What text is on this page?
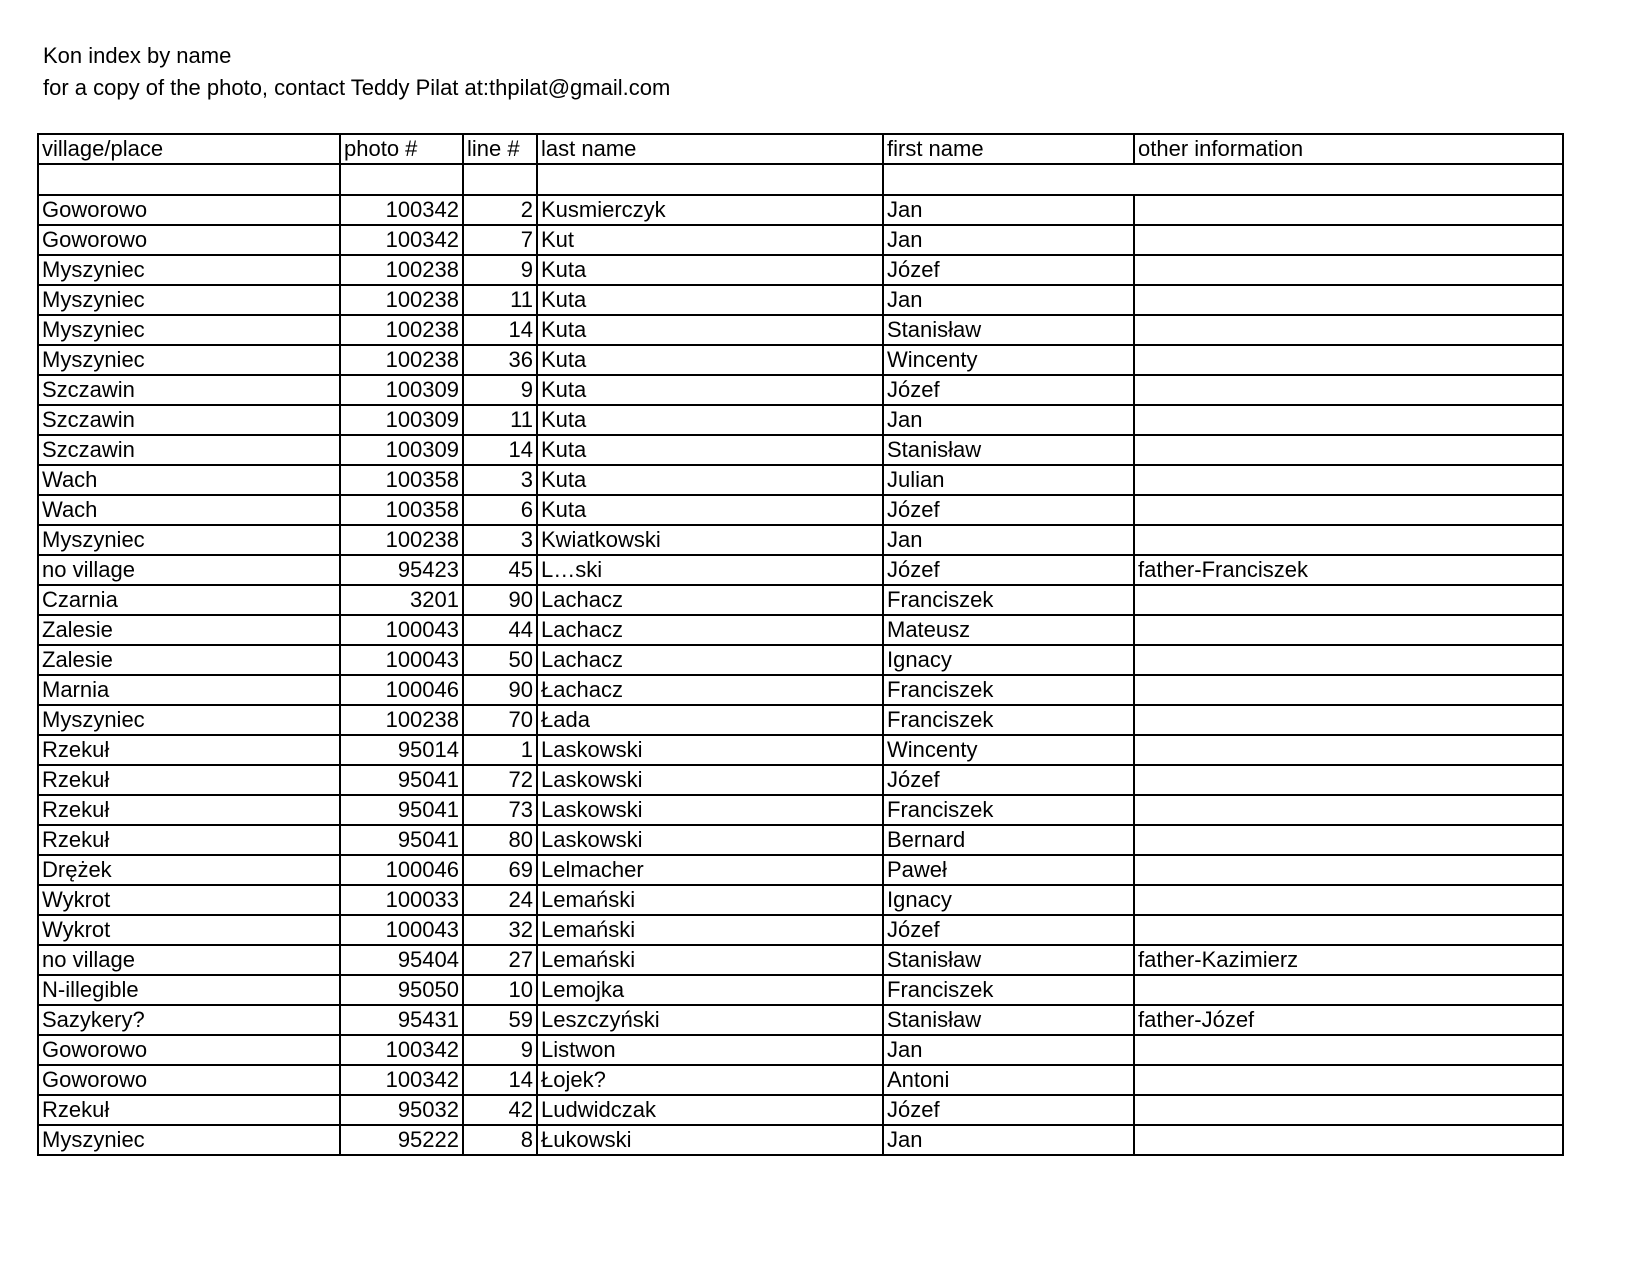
Kon index by name
for a copy of the photo, contact Teddy Pilat at:thpilat@gmail.com
village/place	photo #	line #	last name	first name	other information

Goworowo	100342	2	Kusmierczyk	Jan	
Goworowo	100342	7	Kut	Jan	
Myszyniec	100238	9	Kuta	Józef	
Myszyniec	100238	11	Kuta	Jan	
Myszyniec	100238	14	Kuta	Stanisław	
Myszyniec	100238	36	Kuta	Wincenty	
Szczawin	100309	9	Kuta	Józef	
Szczawin	100309	11	Kuta	Jan	
Szczawin	100309	14	Kuta	Stanisław	
Wach	100358	3	Kuta	Julian	
Wach	100358	6	Kuta	Józef	
Myszyniec	100238	3	Kwiatkowski	Jan	
no village	95423	45	L…ski	Józef	father-Franciszek
Czarnia	3201	90	Lachacz	Franciszek	
Zalesie	100043	44	Lachacz	Mateusz	
Zalesie	100043	50	Lachacz	Ignacy	
Marnia	100046	90	Łachacz	Franciszek	
Myszyniec	100238	70	Łada	Franciszek	
Rzekuł	95014	1	Laskowski	Wincenty	
Rzekuł	95041	72	Laskowski	Józef	
Rzekuł	95041	73	Laskowski	Franciszek	
Rzekuł	95041	80	Laskowski	Bernard	
Drężek	100046	69	Lelmacher	Paweł	
Wykrot	100033	24	Lemański	Ignacy	
Wykrot	100043	32	Lemański	Józef	
no village	95404	27	Lemański	Stanisław	father-Kazimierz
N-illegible	95050	10	Lemojka	Franciszek	
Sazykery?	95431	59	Leszczyński	Stanisław	father-Józef
Goworowo	100342	9	Listwon	Jan	
Goworowo	100342	14	Łojek?	Antoni	
Rzekuł	95032	42	Ludwidczak	Józef	
Myszyniec	95222	8	Łukowski	Jan	
